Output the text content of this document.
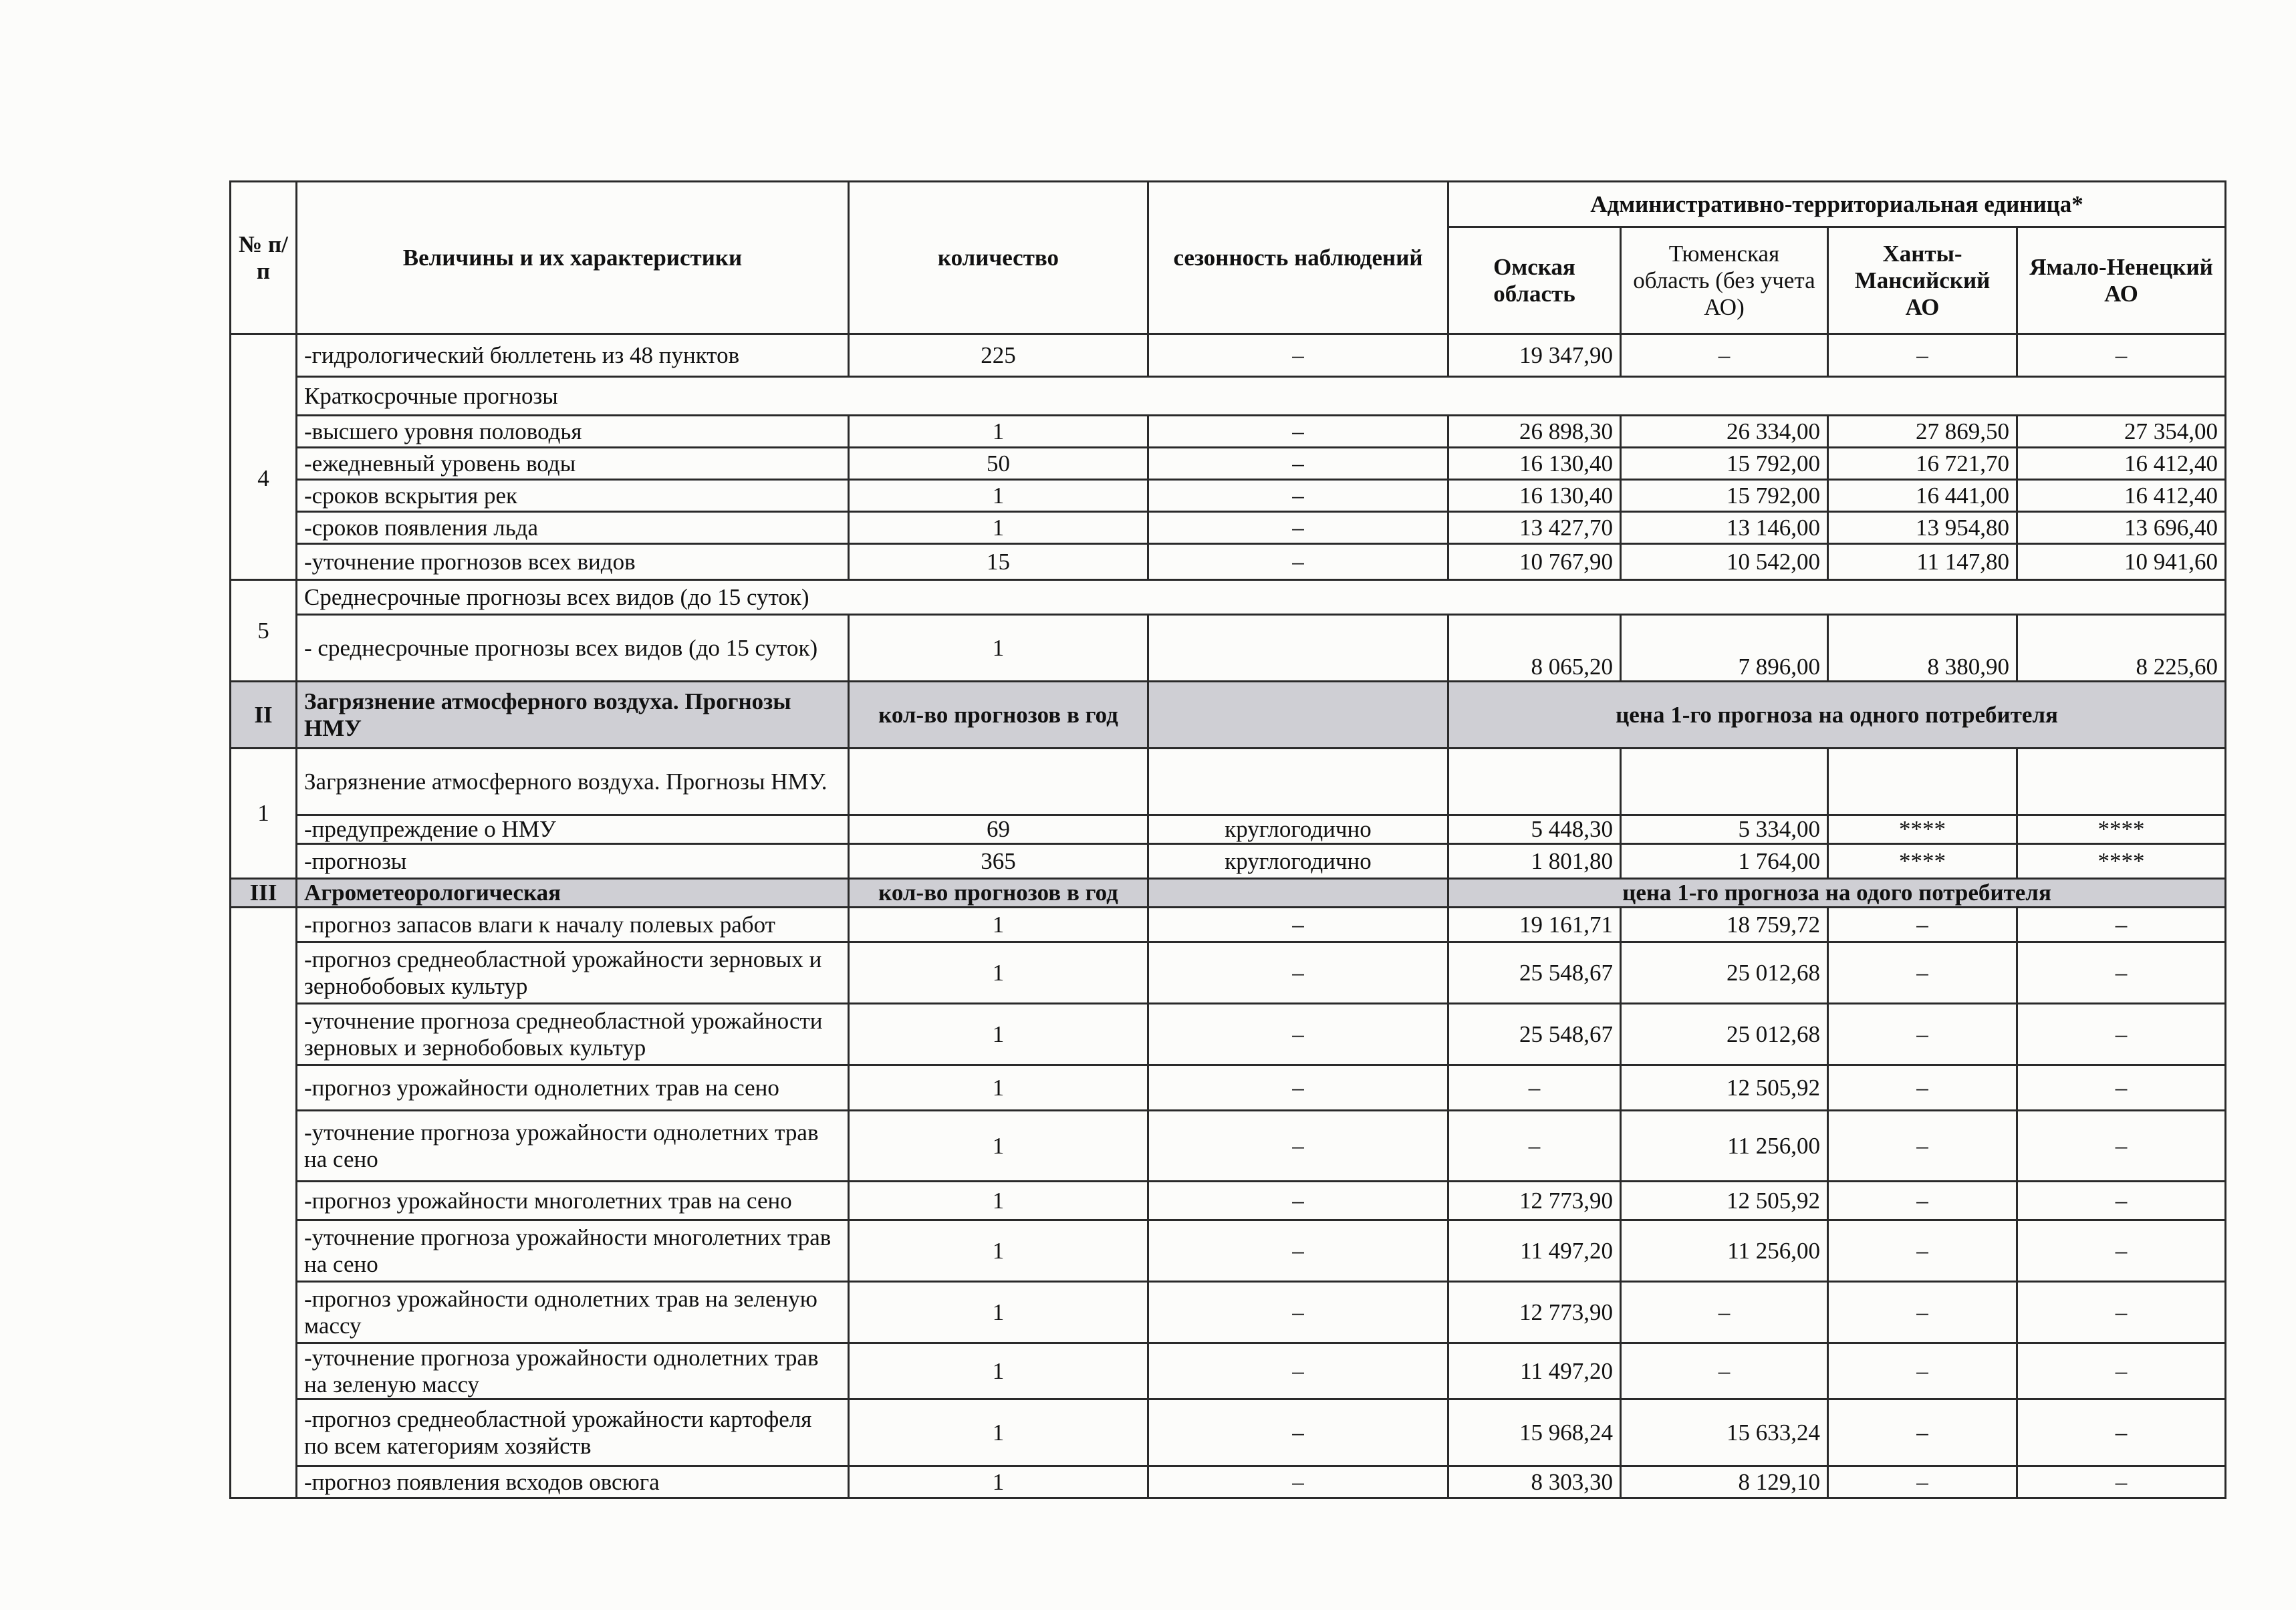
№ п/п	Величины и их характеристики	количество	сезонность наблюдений	Административно-территориальная единица*			
				Омская область	Тюменская область (без учета АО)	Ханты-Мансийский АО	Ямало-Ненецкий АО
	-гидрологический бюллетень из 48 пунктов	225	–	19 347,90	–	–	–
4	Краткосрочные прогнозы						
	-высшего уровня половодья	1	–	26 898,30	26 334,00	27 869,50	27 354,00
	-ежедневный уровень воды	50	–	16 130,40	15 792,00	16 721,70	16 412,40
	-сроков вскрытия рек	1	–	16 130,40	15 792,00	16 441,00	16 412,40
	-сроков появления льда	1	–	13 427,70	13 146,00	13 954,80	13 696,40
	-уточнение прогнозов всех видов	15	–	10 767,90	10 542,00	11 147,80	10 941,60
5	Среднесрочные прогнозы всех видов (до 15 суток)						
	- среднесрочные прогнозы всех видов (до 15 суток)	1		8 065,20	7 896,00	8 380,90	8 225,60
II	Загрязнение атмосферного воздуха. Прогнозы НМУ	кол-во прогнозов в год		цена 1-го прогноза на одного потребителя			
1	Загрязнение атмосферного воздуха. Прогнозы НМУ.						
	-предупреждение о НМУ	69	круглогодично	5 448,30	5 334,00	****	****
	-прогнозы	365	круглогодично	1 801,80	1 764,00	****	****
III	Агрометеорологическая	кол-во прогнозов в год		цена 1-го прогноза на одого потребителя			
	-прогноз запасов влаги к началу полевых работ	1	–	19 161,71	18 759,72	–	–
	-прогноз среднеобластной урожайности зерновых и зернобобовых культур	1	–	25 548,67	25 012,68	–	–
	-уточнение прогноза среднеобластной урожайности зерновых и зернобобовых культур	1	–	25 548,67	25 012,68	–	–
	-прогноз урожайности однолетних трав на сено	1	–	–	12 505,92	–	–
	-уточнение прогноза урожайности однолетних трав на сено	1	–	–	11 256,00	–	–
	-прогноз урожайности многолетних трав на сено	1	–	12 773,90	12 505,92	–	–
	-уточнение прогноза урожайности многолетних трав на сено	1	–	11 497,20	11 256,00	–	–
	-прогноз урожайности однолетних трав на зеленую массу	1	–	12 773,90	–	–	–
	-уточнение прогноза урожайности однолетних трав на зеленую массу	1	–	11 497,20	–	–	–
	-прогноз среднеобластной урожайности картофеля по всем категориям хозяйств	1	–	15 968,24	15 633,24	–	–
	-прогноз появления всходов овсюга	1	–	8 303,30	8 129,10	–	–
